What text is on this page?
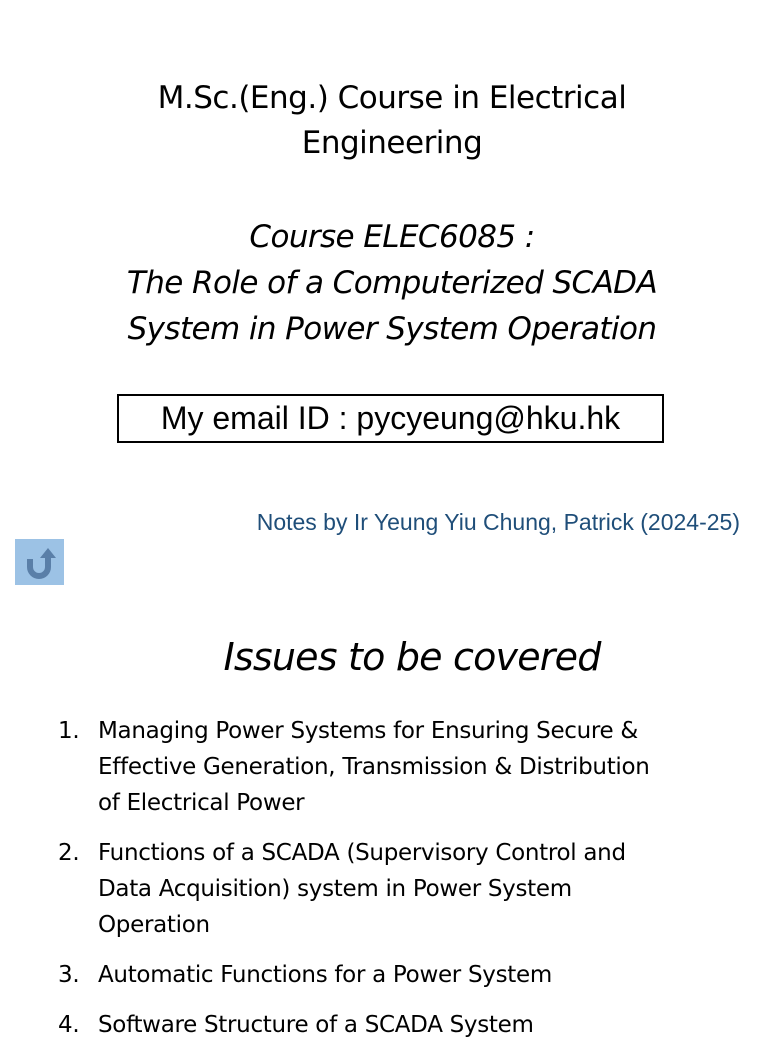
M.Sc.(Eng.) Course in Electrical
Engineering
Course ELEC6085 :
The Role of a Computerized SCADA
System in Power System Operation
My email ID : pycyeung@hku.hk
Notes by Ir Yeung Yiu Chung, Patrick (2024-25)
Issues to be covered
1. Managing Power Systems for Ensuring Secure &
Effective Generation, Transmission & Distribution
of Electrical Power
2. Functions of a SCADA (Supervisory Control and
Data Acquisition) system in Power System
Operation
3. Automatic Functions for a Power System
4. Software Structure of a SCADA System
